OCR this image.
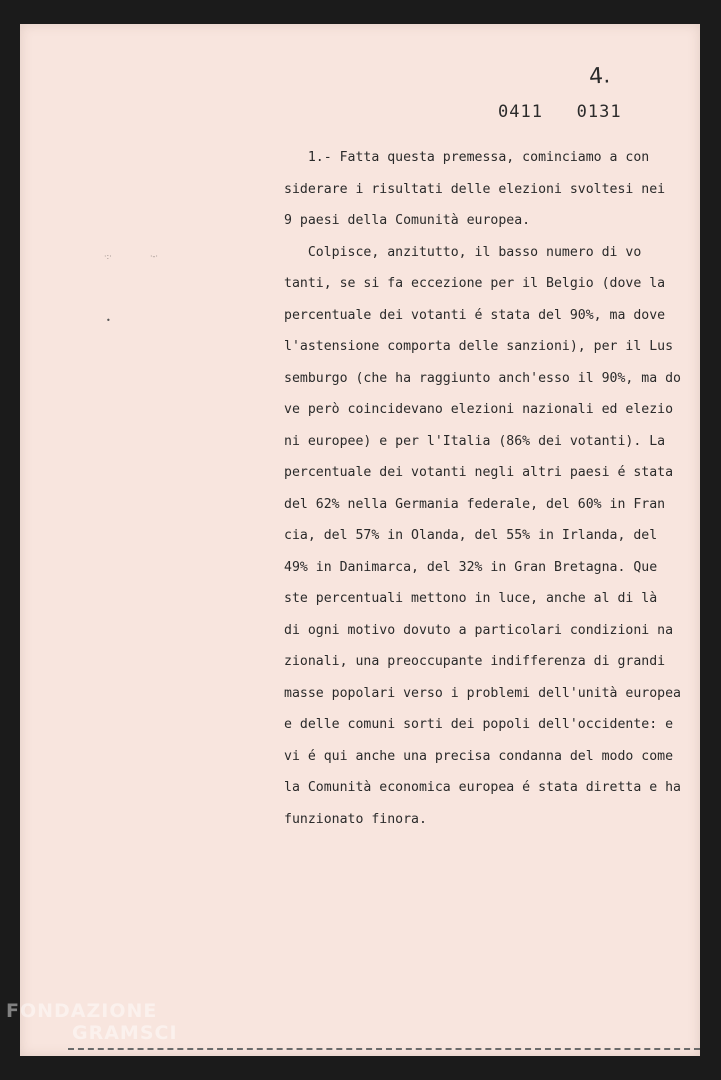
4.
0411   0131
1.- Fatta questa premessa, cominciamo a con
siderare i risultati delle elezioni svoltesi nei
9 paesi della Comunità europea.
Colpisce, anzitutto, il basso numero di vo
tanti, se si fa eccezione per il Belgio (dove la
percentuale dei votanti é stata del 90%, ma dove
l'astensione comporta delle sanzioni), per il Lus
semburgo (che ha raggiunto anch'esso il 90%, ma do
ve però coincidevano elezioni nazionali ed elezio
ni europee) e per l'Italia (86% dei votanti). La
percentuale dei votanti negli altri paesi é stata
del 62% nella Germania federale, del 60% in Fran
cia, del 57% in Olanda, del 55% in Irlanda, del
49% in Danimarca, del 32% in Gran Bretagna. Que
ste percentuali mettono in luce, anche al di là
di ogni motivo dovuto a particolari condizioni na
zionali, una preoccupante indifferenza di grandi
masse popolari verso i problemi dell'unità europea
e delle comuni sorti dei popoli dell'occidente: e
vi é qui anche una precisa condanna del modo come
la Comunità economica europea é stata diretta e ha
funzionato finora.
·:·	·-·
•
FONDAZIONE
GRAMSCI
